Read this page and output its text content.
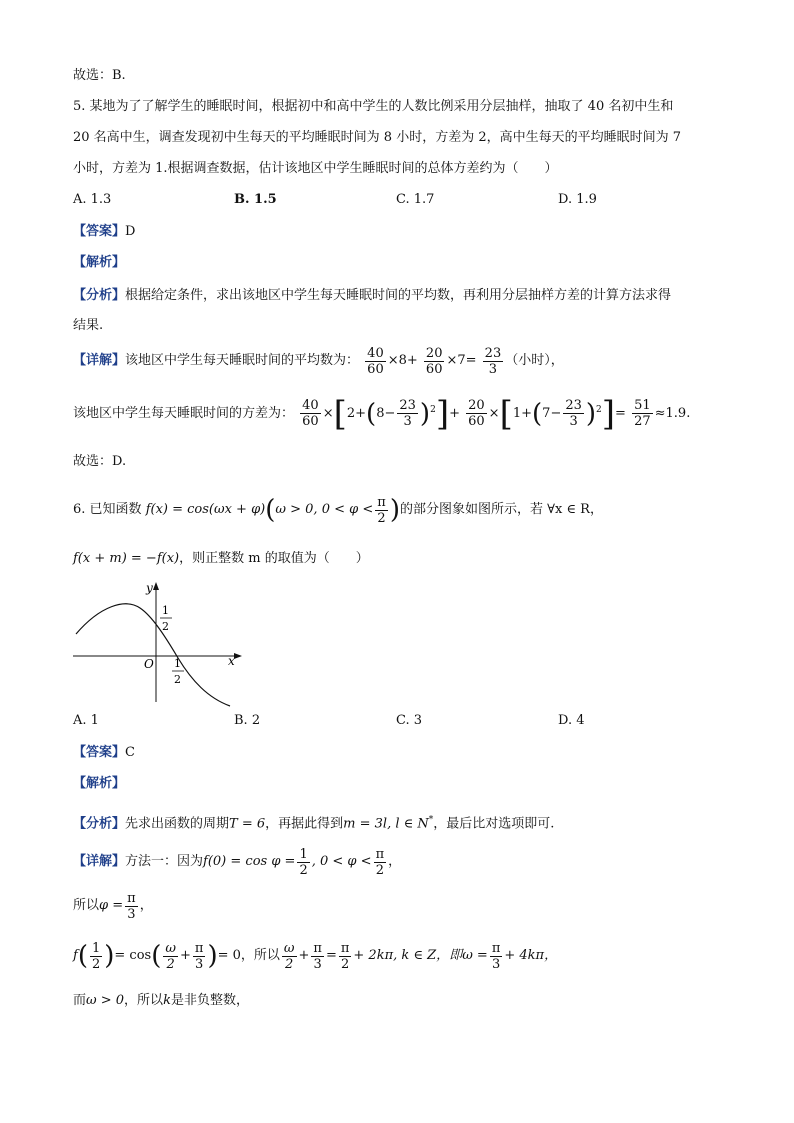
故选：B.
5. 某地为了了解学生的睡眠时间，根据初中和高中学生的人数比例采用分层抽样，抽取了 40 名初中生和
20 名高中生，调查发现初中生每天的平均睡眠时间为 8 小时，方差为 2，高中生每天的平均睡眠时间为 7
小时，方差为 1.根据调查数据，估计该地区中学生睡眠时间的总体方差约为（　　）
A. 1.3	B. 1.5	C. 1.7	D. 1.9
【答案】D
【解析】
【分析】根据给定条件，求出该地区中学生每天睡眠时间的平均数，再利用分层抽样方差的计算方法求得
结果.
【详解】该地区中学生每天睡眠时间的平均数为： $\frac{40}{60} \times 8+ \frac{20}{60} \times 7= \frac{23}{3}$ （小时），
该地区中学生每天睡眠时间的方差为： $\frac{40}{60} \times[2+(8- \frac{23}{3} )^2]+ \frac{20}{60} \times[1+(7- \frac{23}{3} )^2]= \frac{51}{27} \approx 1.9$.
故选：D.
6. 已知函数 f(x) = cos(ωx + φ)(ω > 0, $0 < \varphi < \frac{\pi}{2}$ )的部分图象如图所示，若 ∀x ∈ R，
f(x + m) = −f(x)，则正整数 m 的取值为（　　）
y
x
O
1
2
1
2
A. 1	B. 2	C. 3	D. 4
【答案】C
【解析】
【分析】先求出函数的周期T = 6，再据此得到m = 3l, l ∈ N*，最后比对选项即可.
【详解】方法一：因为$f(0) = \cos \varphi = \frac{1}{2}$ , $0 < \varphi < \frac{\pi}{2}$ ，
所以$\varphi = \frac{\pi}{3}$ ，
$f( \frac{1}{2}$ )= $\cos( \frac{\omega}{2} + \frac{\pi}{3}$ )= 0，所以 $\frac{\omega}{2} + \frac{\pi}{3} = \frac{\pi}{2} + 2k\pi$, k ∈ Z，即$\omega = \frac{\pi}{3} + 4k\pi$，
而ω > 0，所以k是非负整数，
